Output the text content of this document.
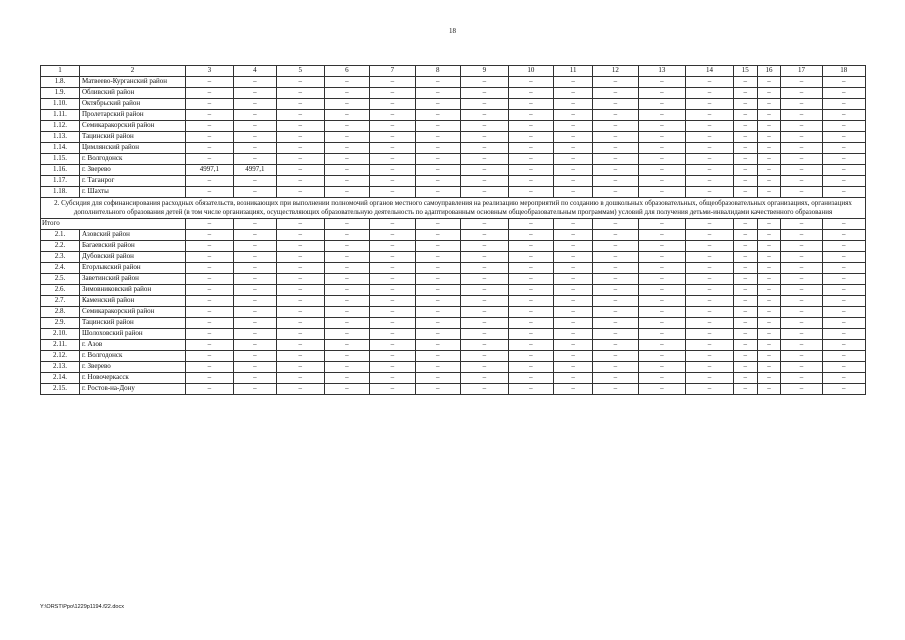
18
1	2	3	4	5	6	7	8	9	10	11	12	13	14	15	16	17	18
1.8.	Матвеево-Курганский район	–	–	–	–	–	–	–	–	–	–	–	–	–	–	–	–
1.9.	Обливский район	–	–	–	–	–	–	–	–	–	–	–	–	–	–	–	–
1.10.	Октябрьский район	–	–	–	–	–	–	–	–	–	–	–	–	–	–	–	–
1.11.	Пролетарский район	–	–	–	–	–	–	–	–	–	–	–	–	–	–	–	–
1.12.	Семикаракорский район	–	–	–	–	–	–	–	–	–	–	–	–	–	–	–	–
1.13.	Тацинский район	–	–	–	–	–	–	–	–	–	–	–	–	–	–	–	–
1.14.	Цимлянский район	–	–	–	–	–	–	–	–	–	–	–	–	–	–	–	–
1.15.	г. Волгодонск	–	–	–	–	–	–	–	–	–	–	–	–	–	–	–	–
1.16.	г. Зверево	4997,1	4997,1	–	–	–	–	–	–	–	–	–	–	–	–	–	–
1.17.	г. Таганрог	–	–	–	–	–	–	–	–	–	–	–	–	–	–	–	–
1.18.	г. Шахты	–	–	–	–	–	–	–	–	–	–	–	–	–	–	–	–
2. Субсидия для софинансирования расходных обязательств, возникающих при выполнении полномочий органов местного самоуправления на реализацию мероприятий по созданию в дошкольных образовательных, общеобразовательных организациях, организациях дополнительного образования детей (в том числе организациях, осуществляющих образовательную деятельность по адаптированным основным общеобразовательным программам) условий для получения детьми-инвалидами качественного образования																	
Итого		–	–	–	–	–	–	–	–	–	–	–	–	–	–	–	–
2.1.	Азовский район	–	–	–	–	–	–	–	–	–	–	–	–	–	–	–	–
2.2.	Багаевский район	–	–	–	–	–	–	–	–	–	–	–	–	–	–	–	–
2.3.	Дубовский район	–	–	–	–	–	–	–	–	–	–	–	–	–	–	–	–
2.4.	Егорлыкский район	–	–	–	–	–	–	–	–	–	–	–	–	–	–	–	–
2.5.	Заветинский район	–	–	–	–	–	–	–	–	–	–	–	–	–	–	–	–
2.6.	Зимовниковский район	–	–	–	–	–	–	–	–	–	–	–	–	–	–	–	–
2.7.	Каменский район	–	–	–	–	–	–	–	–	–	–	–	–	–	–	–	–
2.8.	Семикаракорский район	–	–	–	–	–	–	–	–	–	–	–	–	–	–	–	–
2.9.	Тацинский район	–	–	–	–	–	–	–	–	–	–	–	–	–	–	–	–
2.10.	Шолоховский район	–	–	–	–	–	–	–	–	–	–	–	–	–	–	–	–
2.11.	г. Азов	–	–	–	–	–	–	–	–	–	–	–	–	–	–	–	–
2.12.	г. Волгодонск	–	–	–	–	–	–	–	–	–	–	–	–	–	–	–	–
2.13.	г. Зверево	–	–	–	–	–	–	–	–	–	–	–	–	–	–	–	–
2.14.	г. Новочеркасск	–	–	–	–	–	–	–	–	–	–	–	–	–	–	–	–
2.15.	г. Ростов-на-Дону	–	–	–	–	–	–	–	–	–	–	–	–	–	–	–	–
Y:\ORST\Ppo\1229p1194.f22.docx
